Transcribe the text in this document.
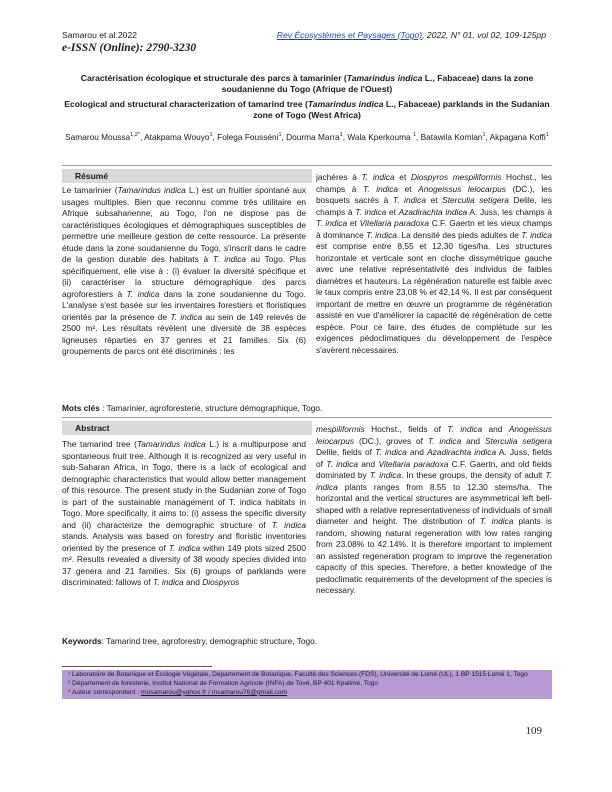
Samarou et al.2022	Rev Écosystèmes et Paysages (Togo), 2022, N° 01, vol 02, 109-125pp
e-ISSN (Online): 2790-3230
Caractérisation écologique et structurale des parcs à tamarinier (Tamarindus indica L., Fabaceae) dans la zone soudanienne du Togo (Afrique de l'Ouest)
Ecological and structural characterization of tamarind tree (Tamarindus indica L., Fabaceae) parklands in the Sudanian zone of Togo (West Africa)
Samarou Moussa$^{1,2*}$, Atakpama Wouyo$^1$, Folega Fousséni$^1$, Dourma Marra$^1$, Wala Kperkouma $^1$, Batawila Komlan$^1$, Akpagana Koffi$^1$
Résumé
Le tamarinier (Tamarindus indica L.) est un fruitier spontané aux usages multiples. Bien que reconnu comme très utilitaire en Afrique subsaharienne, au Togo, l'on ne dispose pas de caractéristiques écologiques et démographiques susceptibles de permettre une meilleure gestion de cette ressource. La présente étude dans la zone soudanienne du Togo, s'inscrit dans le cadre de la gestion durable des habitats à T. indica au Togo. Plus spécifiquement, elle vise à : (i) évaluer la diversité spécifique et (ii) caractériser la structure démographique des parcs agroforestiers à T. indica dans la zone soudanienne du Togo. L'analyse s'est basée sur les inventaires forestiers et floristiques orientés par la présence de T. indica au sein de 149 relevés de 2500 m². Les résultats révèlent une diversité de 38 espèces ligneuses réparties en 37 genres et 21 familles. Six (6) groupements de parcs ont été discriminés : les
jachères à T. indica et Diospyros mespiliformis Hochst., les champs à T. indica et Anogeissus leiocarpus (DC.), les bosquets sacrés à T. indica et Sterculia setigera Delile, les champs à T. indica et Azadirachta indica A. Juss, les champs à T. indica et Vitellaria paradoxa C.F. Gaertn et les vieux champs à dominance T. indica. La densité des pieds adultes de T. indica est comprise entre 8,55 et 12,30 tiges/ha. Les structures horizontale et verticale sont en cloche dissymétrique gauche avec une relative représentativité des individus de faibles diamètres et hauteurs. La régénération naturelle est faible avec le taux compris entre 23,08 % et 42,14 %. Il est par conséquent important de mettre en œuvre un programme de régénération assisté en vue d'améliorer la capacité de régénération de cette espèce. Pour ce faire, des études de complétude sur les exigences pédoclimatiques du développement de l'espèce s'avèrent nécessaires.
Mots clés : Tamarinier, agroforesterie, structure démographique, Togo.
Abstract
The tamarind tree (Tamarindus indica L.) is a multipurpose and spontaneous fruit tree. Although it is recognized as very useful in sub-Saharan Africa, in Togo, there is a lack of ecological and demographic characteristics that would allow better management of this resource. The present study in the Sudanian zone of Togo is part of the sustainable management of T. indica habitats in Togo. More specifically, it aims to: (i) assess the specific diversity and (ii) characterize the demographic structure of T. indica stands. Analysis was based on forestry and floristic inventories oriented by the presence of T. indica within 149 plots sized 2500 m². Results revealed a diversity of 38 woody species divided into 37 genera and 21 families. Six (6) groups of parklands were discriminated: fallows of T. indica and Diospyros
mespiliformis Hochst., fields of T. indica and Anogeissus leiocarpus (DC.), groves of T. indica and Sterculia setigera Delile, fields of T. indica and Azadirachta indica A. Juss, fields of T. indica and Vitellaria paradoxa C.F. Gaertn, and old fields dominated by T. indica. In these groups, the density of adult T. indica plants ranges from 8.55 to 12.30 stems/ha. The horizontal and the vertical structures are asymmetrical left bell-shaped with a relative representativeness of individuals of small diameter and height. The distribution of T. indica plants is random, showing natural regeneration with low rates ranging from 23.08% to 42.14%. It is therefore important to implement an assisted regeneration program to improve the regeneration capacity of this species. Therefore, a better knowledge of the pedoclimatic requirements of the development of the species is necessary.
Keywords: Tamarind tree, agroforestry, demographic structure, Togo.
¹ Laboratoire de Botanique et Écologie Végétale, Département de Botanique, Faculté des Sciences (FDS), Université de Lomé (UL), 1 BP 1515 Lomé 1, Togo
² Département de foresterie, Institut National de Formation Agricole (INFA) de Tové, BP 401 Kpalimé, Togo
* Auteur correspondant : mosamarou@yahoo.fr / msamarou76@gmail.com
109
